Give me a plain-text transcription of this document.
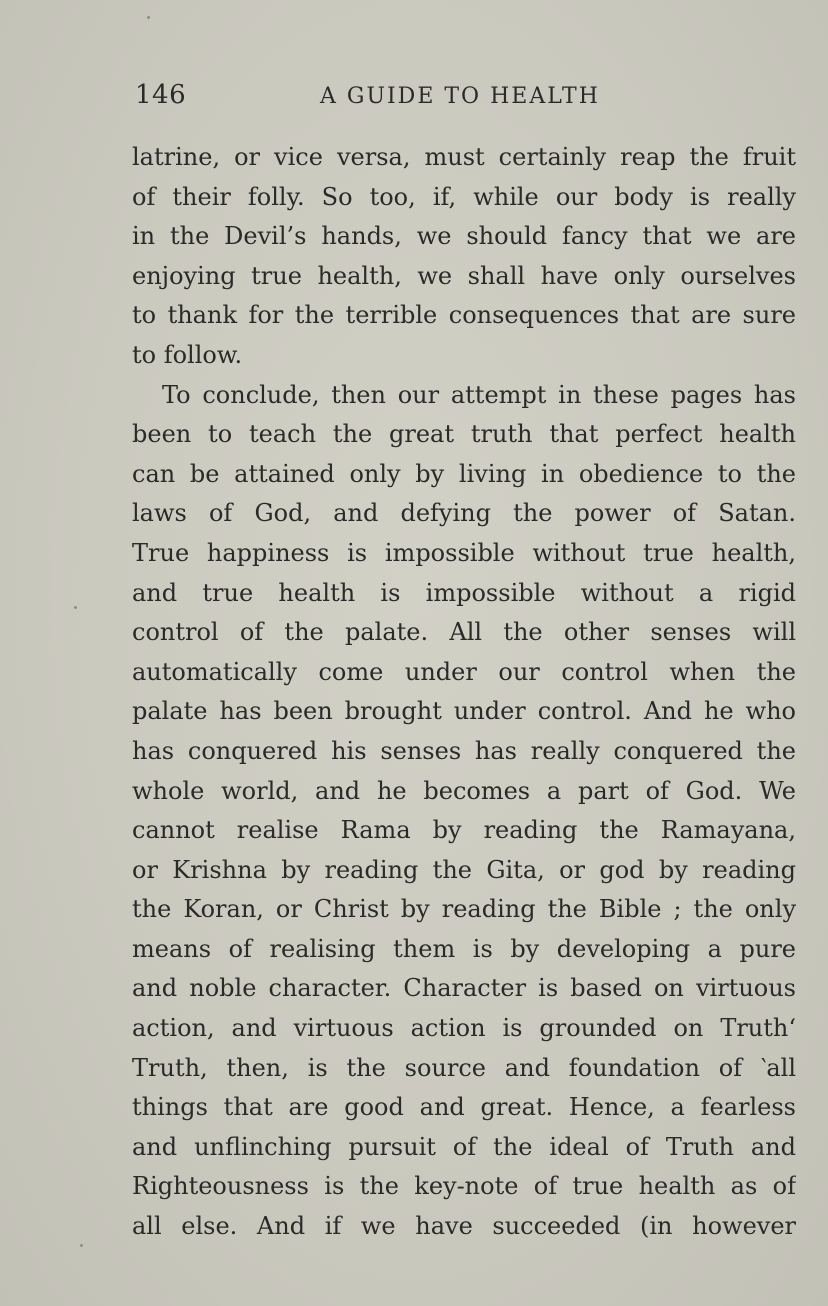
146	A GUIDE TO HEALTH
latrine, or vice versa, must certainly reap the fruit
of their folly. So too, if, while our body is really
in the Devil’s hands, we should fancy that we are
enjoying true health, we shall have only ourselves
to thank for the terrible consequences that are sure
to follow.
To conclude, then our attempt in these pages has
been to teach the great truth that perfect health
can be attained only by living in obedience to the
laws of God, and defying the power of Satan.
True happiness is impossible without true health,
and true health is impossible without a rigid
control of the palate. All the other senses will
automatically come under our control when the
palate has been brought under control. And he who
has conquered his senses has really conquered the
whole world, and he becomes a part of God. We
cannot realise Rama by reading the Ramayana,
or Krishna by reading the Gita, or god by reading
the Koran, or Christ by reading the Bible ; the only
means of realising them is by developing a pure
and noble character. Character is based on virtuous
action, and virtuous action is grounded on Truth‘
Truth, then, is the source and foundation of ‵all
things that are good and great. Hence, a fearless
and unflinching pursuit of the ideal of Truth and
Righteousness is the key-note of true health as of
all else. And if we have succeeded (in however
